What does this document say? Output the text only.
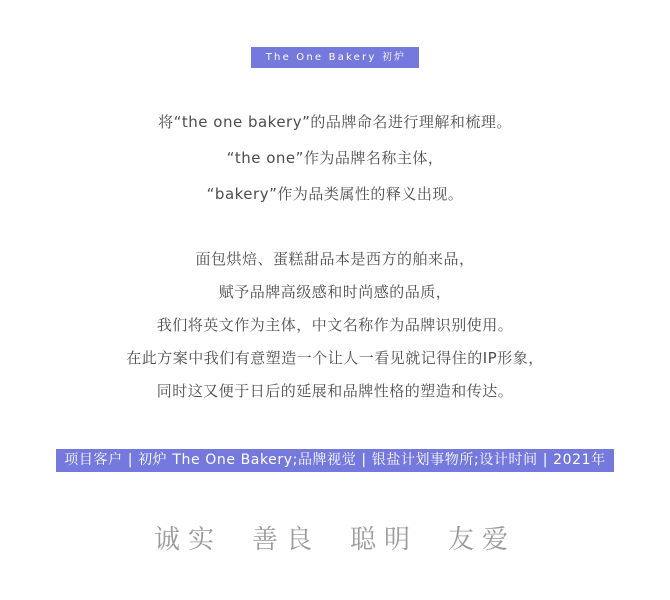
The One Bakery 初炉
将“the one bakery”的品牌命名进行理解和梳理。
“the one”作为品牌名称主体，
“bakery”作为品类属性的释义出现。
面包烘焙、蛋糕甜品本是西方的舶来品，
赋予品牌高级感和时尚感的品质，
我们将英文作为主体，中文名称作为品牌识别使用。
在此方案中我们有意塑造一个让人一看见就记得住的IP形象，
同时这又便于日后的延展和品牌性格的塑造和传达。
项目客户 | 初炉 The One Bakery;品牌视觉 | 银盐计划事物所;设计时间 | 2021年
诚实 善良 聪明 友爱
